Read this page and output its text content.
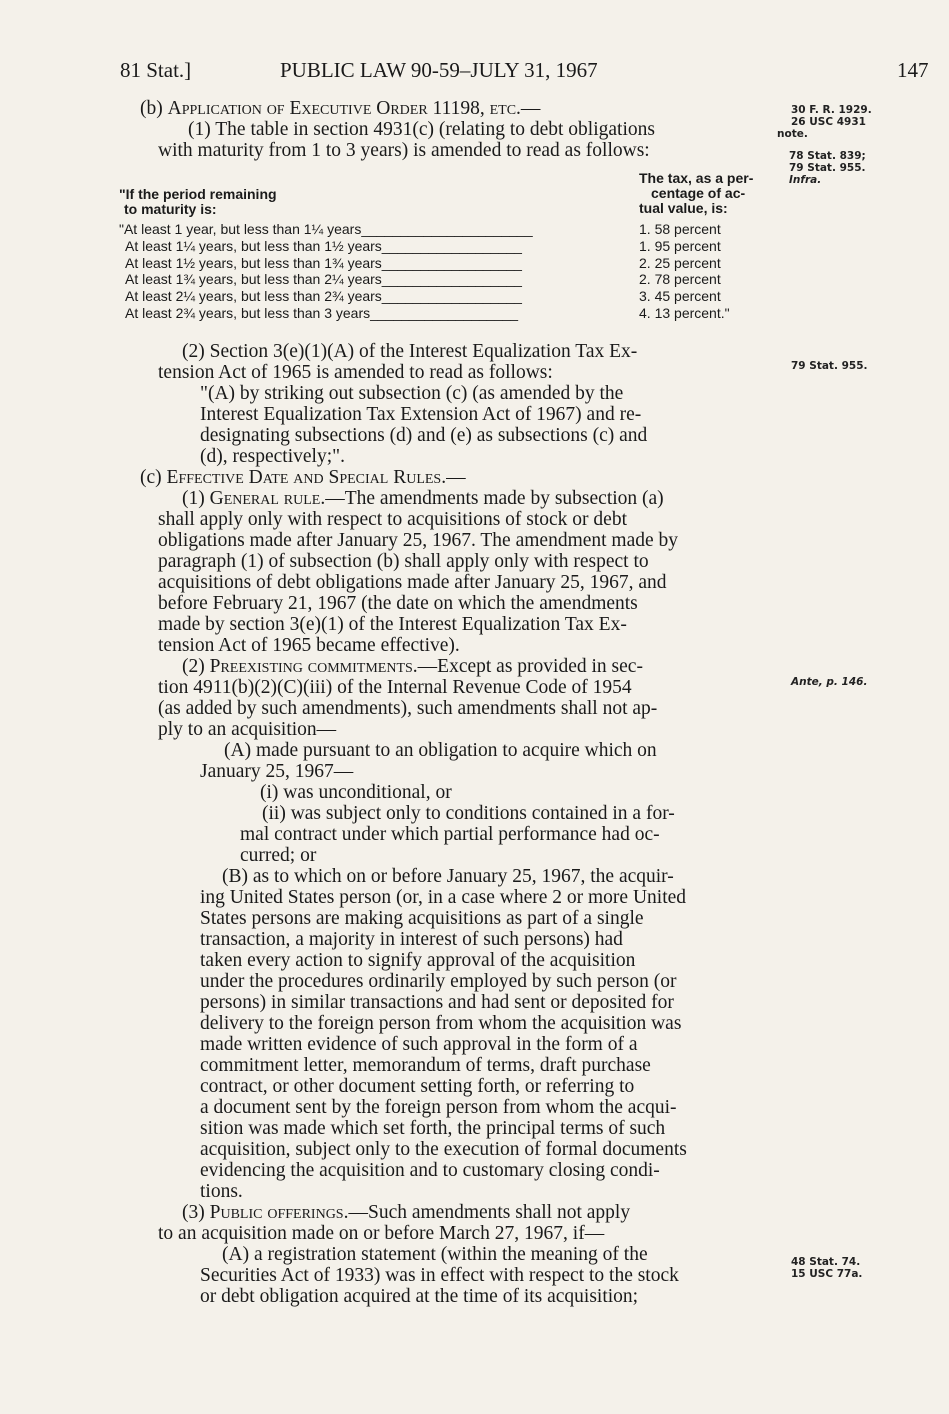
81 Stat.]	PUBLIC LAW 90-59–JULY 31, 1967	147
30 F. R. 1929.
26 USC 4931
note.
78 Stat. 839;
79 Stat. 955.
Infra.
79 Stat. 955.
Ante, p. 146.
48 Stat. 74.
15 USC 77a.

(b) Application of Executive Order 11198, etc.—

(1) The table in section 4931(c) (relating to debt obligations
with maturity from 1 to 3 years) is amended to read as follows:
The tax, as a per-
centage of ac-
tual value, is:
"If the period remaining
to maturity is:
"At least 1 year, but less than 1¼ years______________________	1. 58 percent
At least 1¼ years, but less than 1½ years__________________	1. 95 percent
At least 1½ years, but less than 1¾ years__________________	2. 25 percent
At least 1¾ years, but less than 2¼ years__________________	2. 78 percent
At least 2¼ years, but less than 2¾ years__________________	3. 45 percent
At least 2¾ years, but less than 3 years___________________	4. 13 percent."
(2) Section 3(e)(1)(A) of the Interest Equalization Tax Ex-
tension Act of 1965 is amended to read as follows:
"(A) by striking out subsection (c) (as amended by the
Interest Equalization Tax Extension Act of 1967) and re-
designating subsections (d) and (e) as subsections (c) and
(d), respectively;".

(c) Effective Date and Special Rules.—

(1) General rule.—The amendments made by subsection (a)
shall apply only with respect to acquisitions of stock or debt
obligations made after January 25, 1967. The amendment made by
paragraph (1) of subsection (b) shall apply only with respect to
acquisitions of debt obligations made after January 25, 1967, and
before February 21, 1967 (the date on which the amendments
made by section 3(e)(1) of the Interest Equalization Tax Ex-
tension Act of 1965 became effective).
(2) Preexisting commitments.—Except as provided in sec-
tion 4911(b)(2)(C)(iii) of the Internal Revenue Code of 1954
(as added by such amendments), such amendments shall not ap-
ply to an acquisition—
(A) made pursuant to an obligation to acquire which on
January 25, 1967—
(i) was unconditional, or
(ii) was subject only to conditions contained in a for-
mal contract under which partial performance had oc-
curred; or
(B) as to which on or before January 25, 1967, the acquir-
ing United States person (or, in a case where 2 or more United
States persons are making acquisitions as part of a single
transaction, a majority in interest of such persons) had
taken every action to signify approval of the acquisition
under the procedures ordinarily employed by such person (or
persons) in similar transactions and had sent or deposited for
delivery to the foreign person from whom the acquisition was
made written evidence of such approval in the form of a
commitment letter, memorandum of terms, draft purchase
contract, or other document setting forth, or referring to
a document sent by the foreign person from whom the acqui-
sition was made which set forth, the principal terms of such
acquisition, subject only to the execution of formal documents
evidencing the acquisition and to customary closing condi-
tions.
(3) Public offerings.—Such amendments shall not apply
to an acquisition made on or before March 27, 1967, if—
(A) a registration statement (within the meaning of the
Securities Act of 1933) was in effect with respect to the stock
or debt obligation acquired at the time of its acquisition;
